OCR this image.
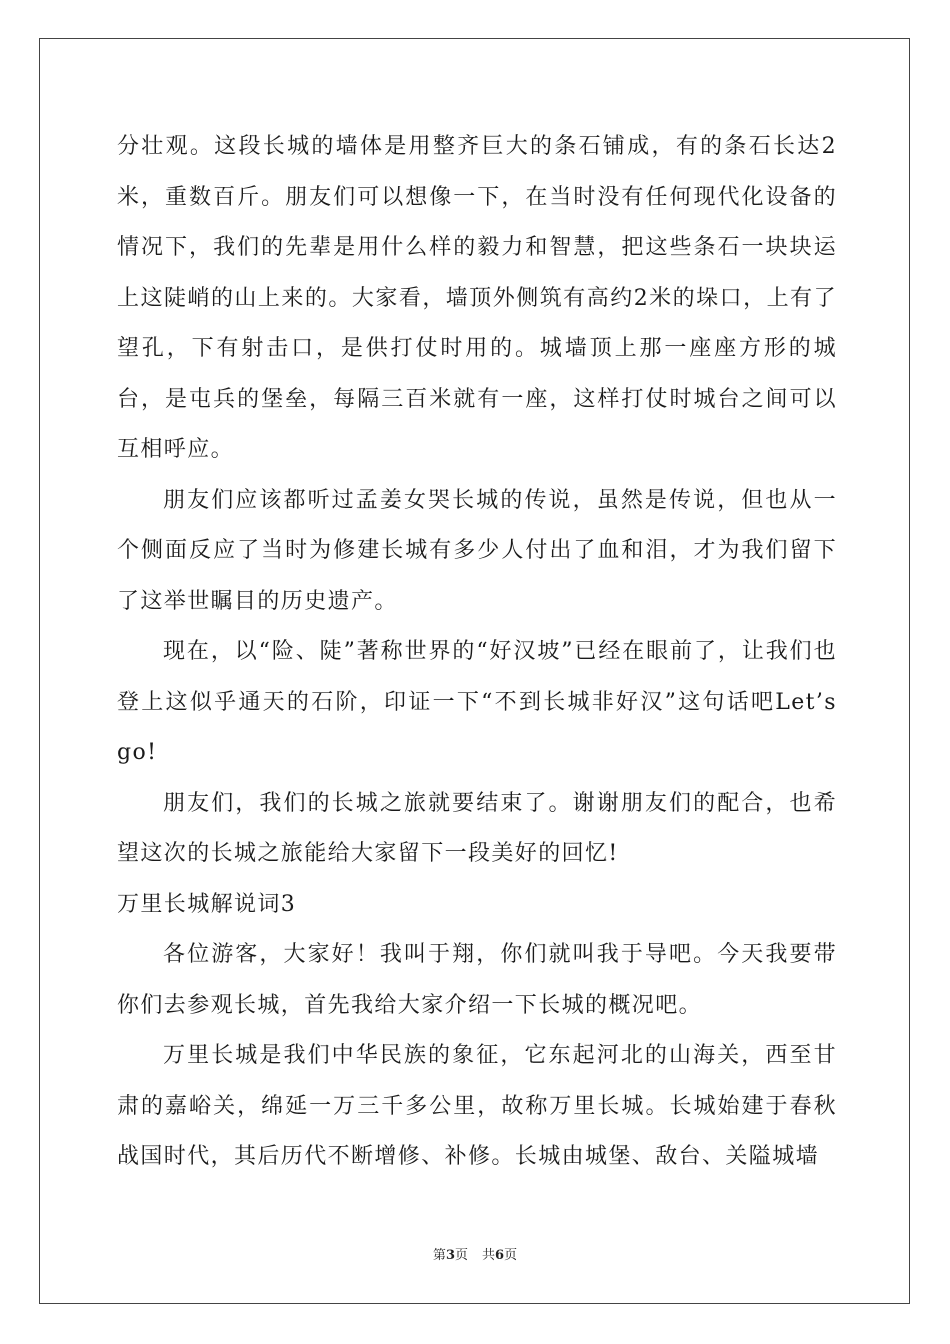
分壮观。这段长城的墙体是用整齐巨大的条石铺成，有的条石长达2米，重数百斤。朋友们可以想像一下，在当时没有任何现代化设备的情况下，我们的先辈是用什么样的毅力和智慧，把这些条石一块块运上这陡峭的山上来的。大家看，墙顶外侧筑有高约2米的垛口，上有了望孔，下有射击口，是供打仗时用的。城墙顶上那一座座方形的城台，是屯兵的堡垒，每隔三百米就有一座，这样打仗时城台之间可以互相呼应。

朋友们应该都听过孟姜女哭长城的传说，虽然是传说，但也从一个侧面反应了当时为修建长城有多少人付出了血和泪，才为我们留下了这举世瞩目的历史遗产。

现在，以“险、陡”著称世界的“好汉坡”已经在眼前了，让我们也登上这似乎通天的石阶，印证一下“不到长城非好汉”这句话吧Let’s go!

朋友们，我们的长城之旅就要结束了。谢谢朋友们的配合，也希望这次的长城之旅能给大家留下一段美好的回忆!

万里长城解说词3

各位游客，大家好！我叫于翔，你们就叫我于导吧。今天我要带你们去参观长城，首先我给大家介绍一下长城的概况吧。

万里长城是我们中华民族的象征，它东起河北的山海关，西至甘肃的嘉峪关，绵延一万三千多公里，故称万里长城。长城始建于春秋战国时代，其后历代不断增修、补修。长城由城堡、敌台、关隘城墙

第3页 共6页
